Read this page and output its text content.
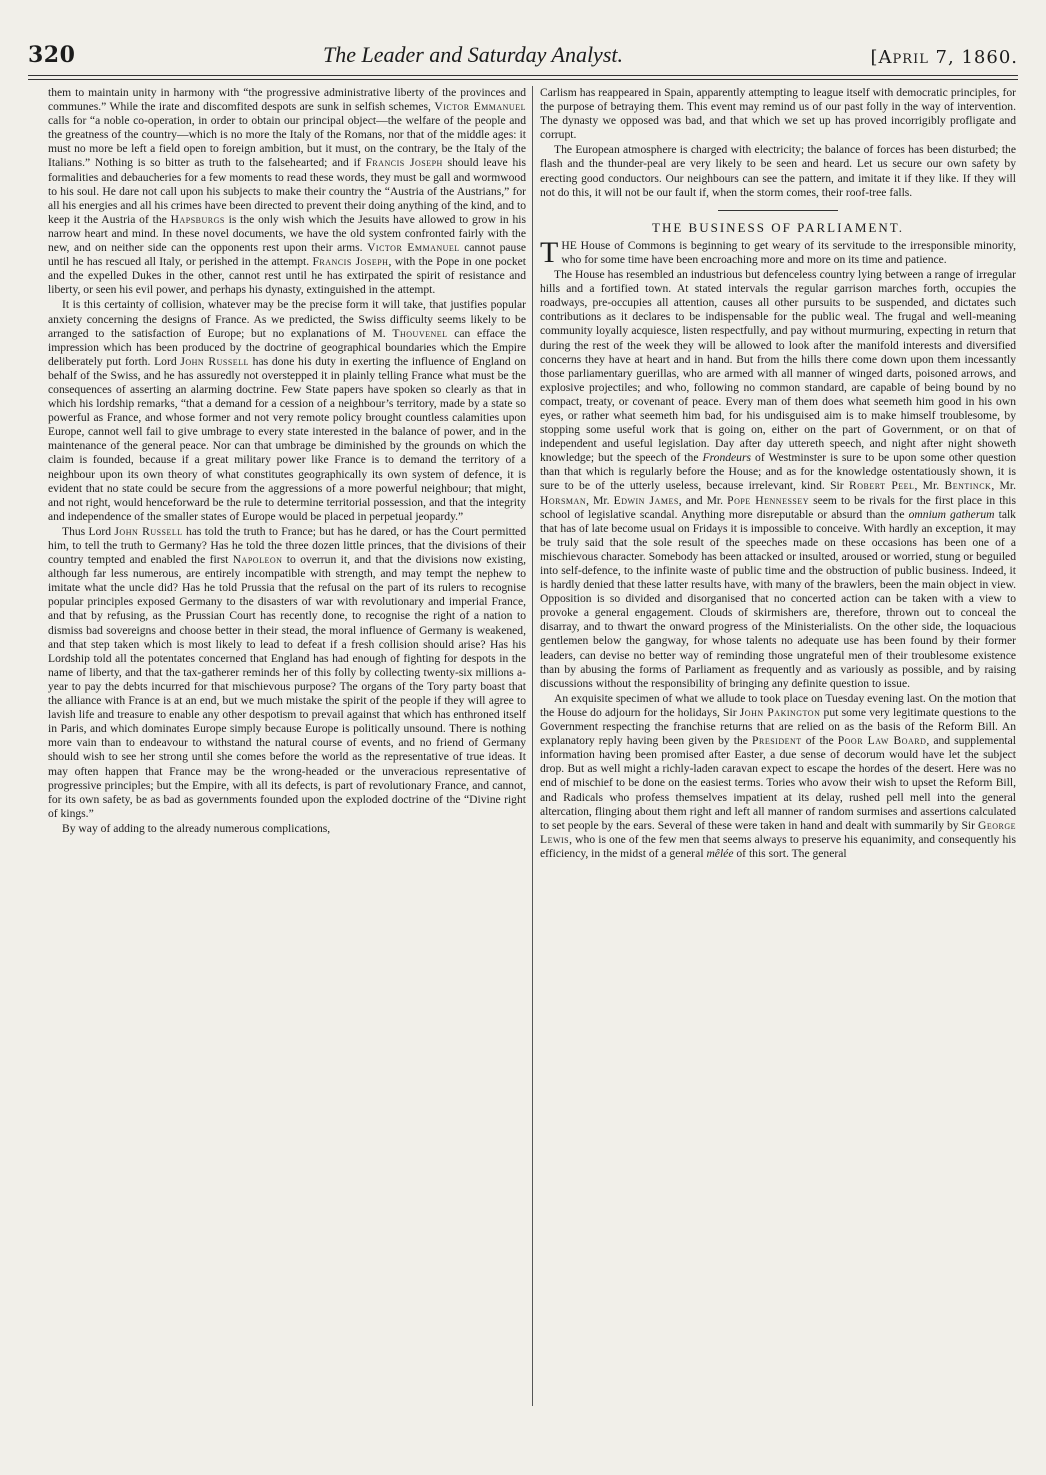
320	The Leader and Saturday Analyst.	[April 7, 1860.

them to maintain unity in harmony with “the progressive administrative liberty of the provinces and communes.” While the irate and discomfited despots are sunk in selfish schemes, Victor Emmanuel calls for “a noble co-operation, in order to obtain our principal object—the welfare of the people and the greatness of the country—which is no more the Italy of the Romans, nor that of the middle ages: it must no more be left a field open to foreign ambition, but it must, on the contrary, be the Italy of the Italians.” Nothing is so bitter as truth to the falsehearted; and if Francis Joseph should leave his formalities and debaucheries for a few moments to read these words, they must be gall and wormwood to his soul. He dare not call upon his subjects to make their country the “Austria of the Austrians,” for all his energies and all his crimes have been directed to prevent their doing anything of the kind, and to keep it the Austria of the Hapsburgs is the only wish which the Jesuits have allowed to grow in his narrow heart and mind. In these novel documents, we have the old system confronted fairly with the new, and on neither side can the opponents rest upon their arms. Victor Emmanuel cannot pause until he has rescued all Italy, or perished in the attempt. Francis Joseph, with the Pope in one pocket and the expelled Dukes in the other, cannot rest until he has extirpated the spirit of resistance and liberty, or seen his evil power, and perhaps his dynasty, extinguished in the attempt.

It is this certainty of collision, whatever may be the precise form it will take, that justifies popular anxiety concerning the designs of France. As we predicted, the Swiss difficulty seems likely to be arranged to the satisfaction of Europe; but no explanations of M. Thouvenel can efface the impression which has been produced by the doctrine of geographical boundaries which the Empire deliberately put forth. Lord John Russell has done his duty in exerting the influence of England on behalf of the Swiss, and he has assuredly not overstepped it in plainly telling France what must be the consequences of asserting an alarming doctrine. Few State papers have spoken so clearly as that in which his lordship remarks, “that a demand for a cession of a neighbour’s territory, made by a state so powerful as France, and whose former and not very remote policy brought countless calamities upon Europe, cannot well fail to give umbrage to every state interested in the balance of power, and in the maintenance of the general peace. Nor can that umbrage be diminished by the grounds on which the claim is founded, because if a great military power like France is to demand the territory of a neighbour upon its own theory of what constitutes geographically its own system of defence, it is evident that no state could be secure from the aggressions of a more powerful neighbour; that might, and not right, would henceforward be the rule to determine territorial possession, and that the integrity and independence of the smaller states of Europe would be placed in perpetual jeopardy.”

Thus Lord John Russell has told the truth to France; but has he dared, or has the Court permitted him, to tell the truth to Germany? Has he told the three dozen little princes, that the divisions of their country tempted and enabled the first Napoleon to overrun it, and that the divisions now existing, although far less numerous, are entirely incompatible with strength, and may tempt the nephew to imitate what the uncle did? Has he told Prussia that the refusal on the part of its rulers to recognise popular principles exposed Germany to the disasters of war with revolutionary and imperial France, and that by refusing, as the Prussian Court has recently done, to recognise the right of a nation to dismiss bad sovereigns and choose better in their stead, the moral influence of Germany is weakened, and that step taken which is most likely to lead to defeat if a fresh collision should arise? Has his Lordship told all the potentates concerned that England has had enough of fighting for despots in the name of liberty, and that the tax-gatherer reminds her of this folly by collecting twenty-six millions a-year to pay the debts incurred for that mischievous purpose? The organs of the Tory party boast that the alliance with France is at an end, but we much mistake the spirit of the people if they will agree to lavish life and treasure to enable any other despotism to prevail against that which has enthroned itself in Paris, and which dominates Europe simply because Europe is politically unsound. There is nothing more vain than to endeavour to withstand the natural course of events, and no friend of Germany should wish to see her strong until she comes before the world as the representative of true ideas. It may often happen that France may be the wrong-headed or the unveracious representative of progressive principles; but the Empire, with all its defects, is part of revolutionary France, and cannot, for its own safety, be as bad as governments founded upon the exploded doctrine of the “Divine right of kings.”

By way of adding to the already numerous complications,

Carlism has reappeared in Spain, apparently attempting to league itself with democratic principles, for the purpose of betraying them. This event may remind us of our past folly in the way of intervention. The dynasty we opposed was bad, and that which we set up has proved incorrigibly profligate and corrupt.

The European atmosphere is charged with electricity; the balance of forces has been disturbed; the flash and the thunder-peal are very likely to be seen and heard. Let us secure our own safety by erecting good conductors. Our neighbours can see the pattern, and imitate it if they like. If they will not do this, it will not be our fault if, when the storm comes, their roof-tree falls.

THE BUSINESS OF PARLIAMENT.

THE House of Commons is beginning to get weary of its servitude to the irresponsible minority, who for some time have been encroaching more and more on its time and patience.

The House has resembled an industrious but defenceless country lying between a range of irregular hills and a fortified town. At stated intervals the regular garrison marches forth, occupies the roadways, pre-occupies all attention, causes all other pursuits to be suspended, and dictates such contributions as it declares to be indispensable for the public weal. The frugal and well-meaning community loyally acquiesce, listen respectfully, and pay without murmuring, expecting in return that during the rest of the week they will be allowed to look after the manifold interests and diversified concerns they have at heart and in hand. But from the hills there come down upon them incessantly those parliamentary guerillas, who are armed with all manner of winged darts, poisoned arrows, and explosive projectiles; and who, following no common standard, are capable of being bound by no compact, treaty, or covenant of peace. Every man of them does what seemeth him good in his own eyes, or rather what seemeth him bad, for his undisguised aim is to make himself troublesome, by stopping some useful work that is going on, either on the part of Government, or on that of independent and useful legislation. Day after day uttereth speech, and night after night showeth knowledge; but the speech of the Frondeurs of Westminster is sure to be upon some other question than that which is regularly before the House; and as for the knowledge ostentatiously shown, it is sure to be of the utterly useless, because irrelevant, kind. Sir Robert Peel, Mr. Bentinck, Mr. Horsman, Mr. Edwin James, and Mr. Pope Hennessey seem to be rivals for the first place in this school of legislative scandal. Anything more disreputable or absurd than the omnium gatherum talk that has of late become usual on Fridays it is impossible to conceive. With hardly an exception, it may be truly said that the sole result of the speeches made on these occasions has been one of a mischievous character. Somebody has been attacked or insulted, aroused or worried, stung or beguiled into self-defence, to the infinite waste of public time and the obstruction of public business. Indeed, it is hardly denied that these latter results have, with many of the brawlers, been the main object in view. Opposition is so divided and disorganised that no concerted action can be taken with a view to provoke a general engagement. Clouds of skirmishers are, therefore, thrown out to conceal the disarray, and to thwart the onward progress of the Ministerialists. On the other side, the loquacious gentlemen below the gangway, for whose talents no adequate use has been found by their former leaders, can devise no better way of reminding those ungrateful men of their troublesome existence than by abusing the forms of Parliament as frequently and as variously as possible, and by raising discussions without the responsibility of bringing any definite question to issue.

An exquisite specimen of what we allude to took place on Tuesday evening last. On the motion that the House do adjourn for the holidays, Sir John Pakington put some very legitimate questions to the Government respecting the franchise returns that are relied on as the basis of the Reform Bill. An explanatory reply having been given by the President of the Poor Law Board, and supplemental information having been promised after Easter, a due sense of decorum would have let the subject drop. But as well might a richly-laden caravan expect to escape the hordes of the desert. Here was no end of mischief to be done on the easiest terms. Tories who avow their wish to upset the Reform Bill, and Radicals who profess themselves impatient at its delay, rushed pell mell into the general altercation, flinging about them right and left all manner of random surmises and assertions calculated to set people by the ears. Several of these were taken in hand and dealt with summarily by Sir George Lewis, who is one of the few men that seems always to preserve his equanimity, and consequently his efficiency, in the midst of a general mêlée of this sort. The general
